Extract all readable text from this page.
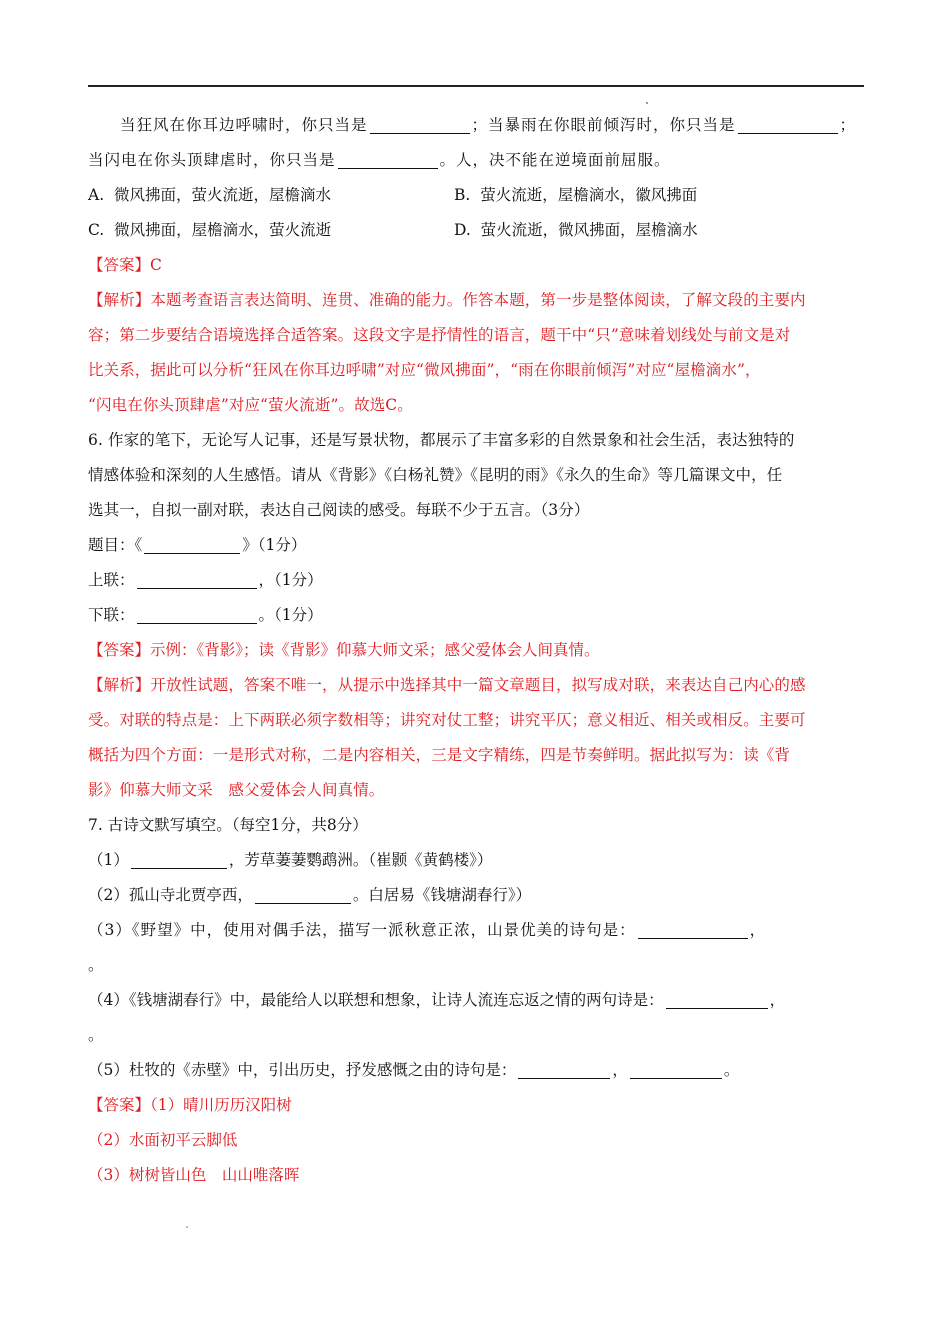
当狂风在你耳边呼啸时，你只当是	；当暴雨在你眼前倾泻时，你只当是	；
当闪电在你头顶肆虐时，你只当是	。人，决不能在逆境面前屈服。
A. 微风拂面，萤火流逝，屋檐滴水	B. 萤火流逝，屋檐滴水，徽风拂面
C. 微风拂面，屋檐滴水，萤火流逝	D. 萤火流逝，微风拂面，屋檐滴水
【答案】C
【解析】本题考查语言表达简明、连贯、准确的能力。作答本题，第一步是整体阅读，了解文段的主要内
容；第二步要结合语境选择合适答案。这段文字是抒情性的语言，题干中“只”意味着划线处与前文是对
比关系，据此可以分析“狂风在你耳边呼啸”对应“微风拂面”，“雨在你眼前倾泻”对应“屋檐滴水”，
“闪电在你头顶肆虐”对应“萤火流逝”。故选C。
6. 作家的笔下，无论写人记事，还是写景状物，都展示了丰富多彩的自然景象和社会生活，表达独特的
情感体验和深刻的人生感悟。请从《背影》《白杨礼赞》《昆明的雨》《永久的生命》等几篇课文中，任
选其一，自拟一副对联，表达自己阅读的感受。每联不少于五言。（3分）
题目：《	》（1分）
上联：	，（1分）
下联：	。（1分）
【答案】示例：《背影》；读《背影》仰慕大师文采；感父爱体会人间真情。
【解析】开放性试题，答案不唯一，从提示中选择其中一篇文章题目，拟写成对联，来表达自己内心的感
受。对联的特点是：上下两联必须字数相等；讲究对仗工整；讲究平仄；意义相近、相关或相反。主要可
概括为四个方面：一是形式对称，二是内容相关，三是文字精练，四是节奏鲜明。据此拟写为：读《背
影》仰慕大师文采　感父爱体会人间真情。
7. 古诗文默写填空。（每空1分，共8分）
（1）	，芳草萋萋鹦鹉洲。（崔颢《黄鹤楼》）
（2）孤山寺北贾亭西，	。白居易《钱塘湖春行》）
（3）《野望》中，使用对偶手法，描写一派秋意正浓，山景优美的诗句是：	，
。
（4）《钱塘湖春行》中，最能给人以联想和想象，让诗人流连忘返之情的两句诗是：	，
。
（5）杜牧的《赤壁》中，引出历史，抒发感慨之由的诗句是：	，	。
【答案】（1）晴川历历汉阳树
（2）水面初平云脚低
（3）树树皆山色　山山唯落晖
